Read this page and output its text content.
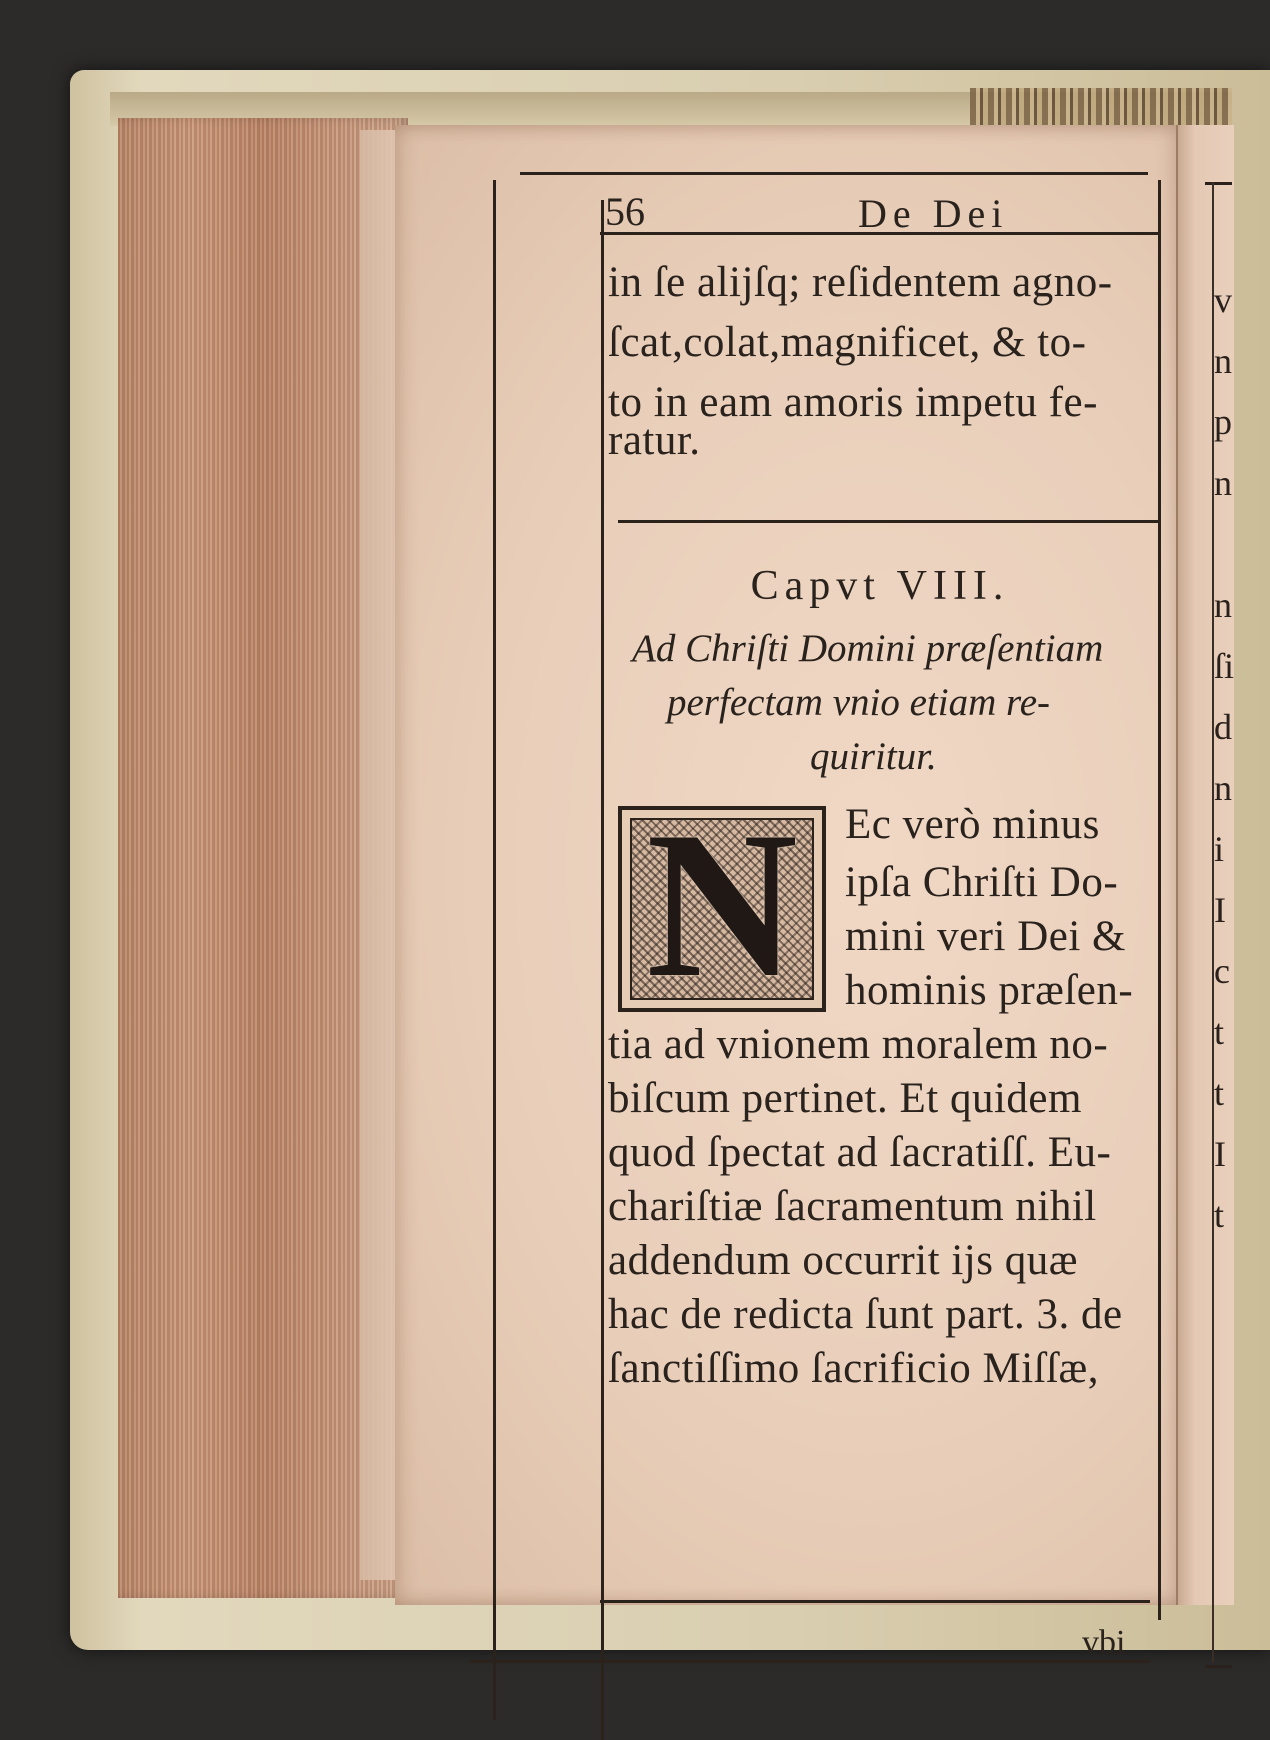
v
n
p
n

n
ſi
d
n
i
I
c
t
t
I
t
56	De Dei
in ſe alijſq; reſidentem agno-
ſcat,colat,magnificet, & to-
to in eam amoris impetu fe-
ratur.
Capvt VIII.
Ad Chriſti Domini præſentiam
perfectam vnio etiam re-
quiritur.
N	Ec verò minus
ipſa Chriſti Do-
mini veri Dei &
hominis præſen-
tia ad vnionem moralem no-
biſcum pertinet. Et quidem
quod ſpectat ad ſacratiſſ. Eu-
chariſtiæ ſacramentum nihil
addendum occurrit ijs quæ
hac de redicta ſunt part. 3. de
ſanctiſſimo ſacrificio Miſſæ,
vbi
